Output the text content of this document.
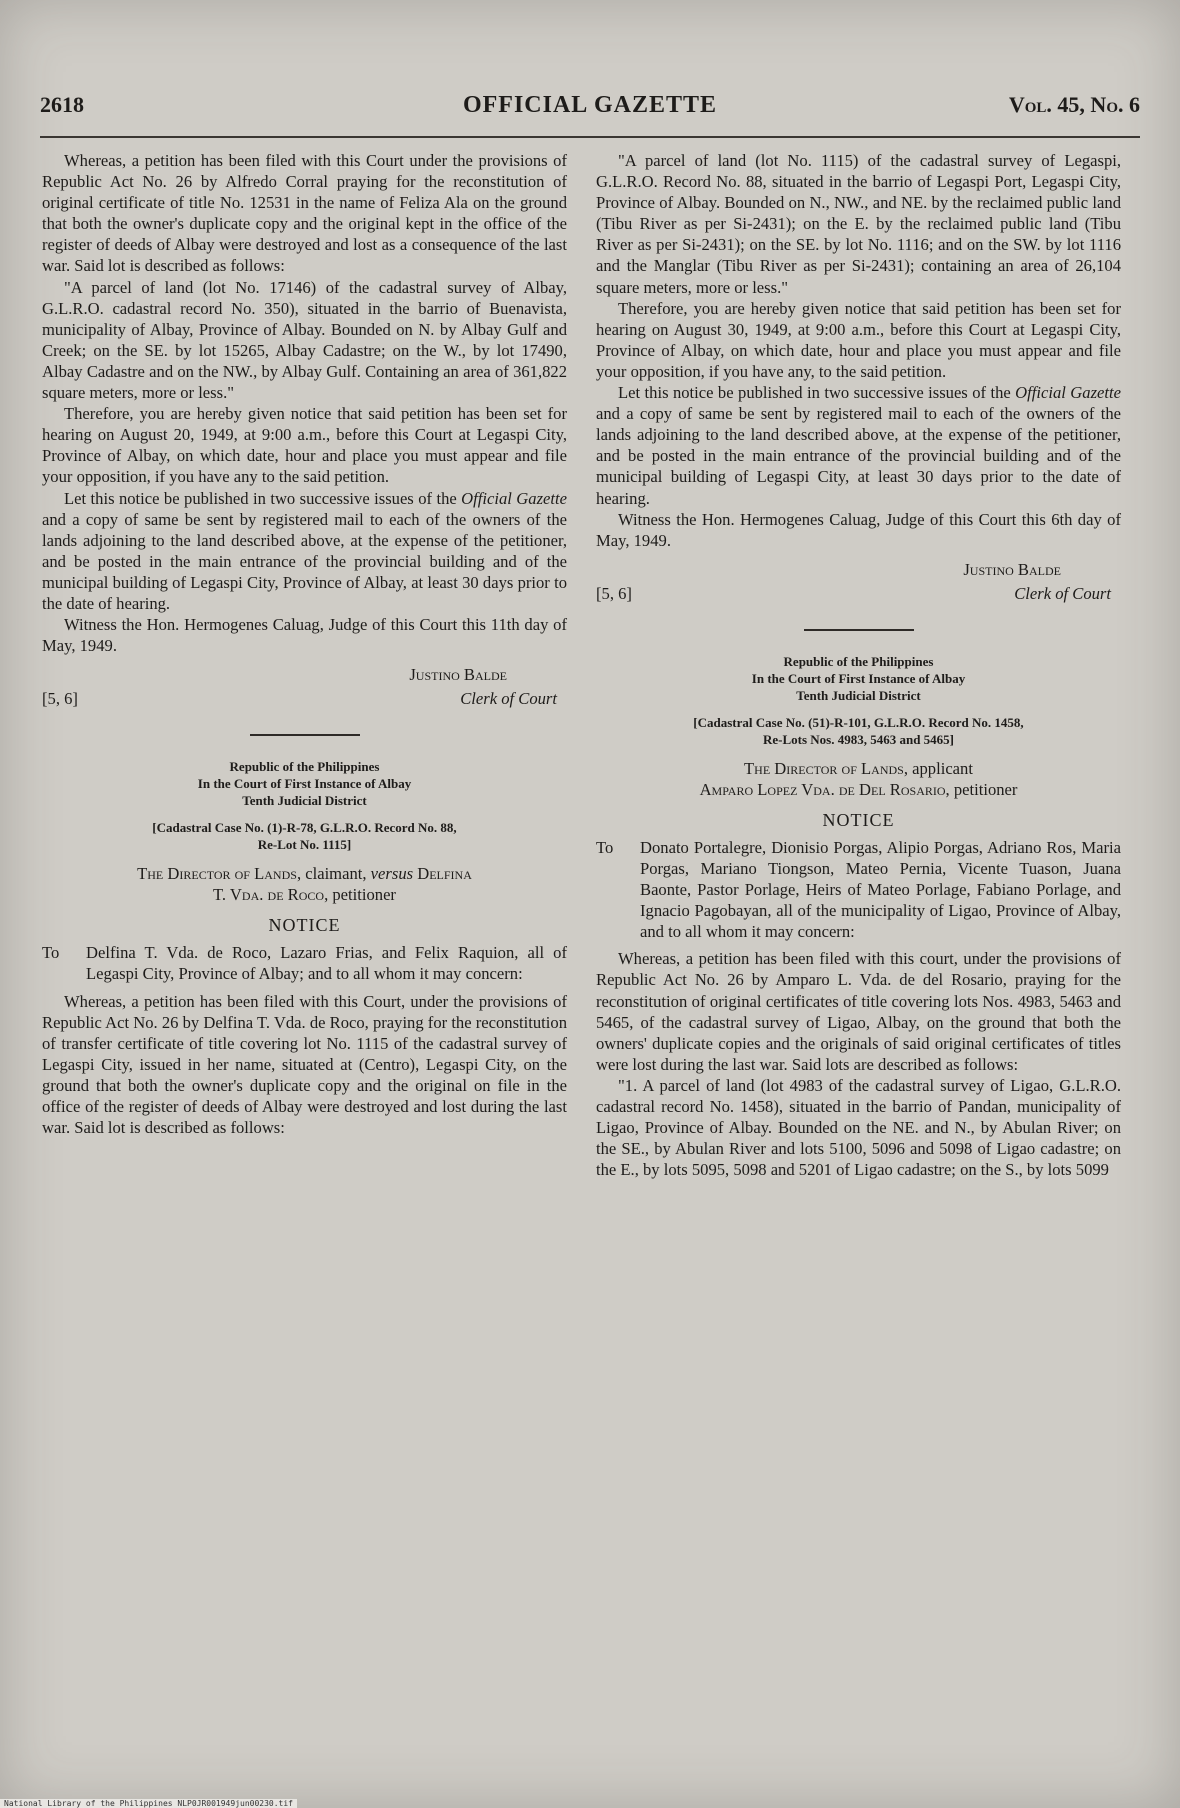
2618	OFFICIAL GAZETTE	Vol. 45, No. 6

Whereas, a petition has been filed with this Court under the provisions of Republic Act No. 26 by Alfredo Corral praying for the reconstitution of original certificate of title No. 12531 in the name of Feliza Ala on the ground that both the owner's duplicate copy and the original kept in the office of the register of deeds of Albay were destroyed and lost as a consequence of the last war. Said lot is described as follows:

"A parcel of land (lot No. 17146) of the cadastral survey of Albay, G.L.R.O. cadastral record No. 350), situated in the barrio of Buenavista, municipality of Albay, Province of Albay. Bounded on N. by Albay Gulf and Creek; on the SE. by lot 15265, Albay Cadastre; on the W., by lot 17490, Albay Cadastre and on the NW., by Albay Gulf. Containing an area of 361,822 square meters, more or less."

Therefore, you are hereby given notice that said petition has been set for hearing on August 20, 1949, at 9:00 a.m., before this Court at Legaspi City, Province of Albay, on which date, hour and place you must appear and file your opposition, if you have any to the said petition.

Let this notice be published in two successive issues of the Official Gazette and a copy of same be sent by registered mail to each of the owners of the lands adjoining to the land described above, at the expense of the petitioner, and be posted in the main entrance of the provincial building and of the municipal building of Legaspi City, Province of Albay, at least 30 days prior to the date of hearing.

Witness the Hon. Hermogenes Caluag, Judge of this Court this 11th day of May, 1949.

Justino Balde
[5, 6]	Clerk of Court
Republic of the Philippines
In the Court of First Instance of Albay
Tenth Judicial District
[Cadastral Case No. (1)-R-78, G.L.R.O. Record No. 88,
Re-Lot No. 1115]
The Director of Lands, claimant, versus Delfina
T. Vda. de Roco, petitioner
NOTICE
To	Delfina T. Vda. de Roco, Lazaro Frias, and Felix Raquion, all of Legaspi City, Province of Albay; and to all whom it may concern:

Whereas, a petition has been filed with this Court, under the provisions of Republic Act No. 26 by Delfina T. Vda. de Roco, praying for the reconstitution of transfer certificate of title covering lot No. 1115 of the cadastral survey of Legaspi City, issued in her name, situated at (Centro), Legaspi City, on the ground that both the owner's duplicate copy and the original on file in the office of the register of deeds of Albay were destroyed and lost during the last war. Said lot is described as follows:

"A parcel of land (lot No. 1115) of the cadastral survey of Legaspi, G.L.R.O. Record No. 88, situated in the barrio of Legaspi Port, Legaspi City, Province of Albay. Bounded on N., NW., and NE. by the reclaimed public land (Tibu River as per Si-2431); on the E. by the reclaimed public land (Tibu River as per Si-2431); on the SE. by lot No. 1116; and on the SW. by lot 1116 and the Manglar (Tibu River as per Si-2431); containing an area of 26,104 square meters, more or less."

Therefore, you are hereby given notice that said petition has been set for hearing on August 30, 1949, at 9:00 a.m., before this Court at Legaspi City, Province of Albay, on which date, hour and place you must appear and file your opposition, if you have any, to the said petition.

Let this notice be published in two successive issues of the Official Gazette and a copy of same be sent by registered mail to each of the owners of the lands adjoining to the land described above, at the expense of the petitioner, and be posted in the main entrance of the provincial building and of the municipal building of Legaspi City, at least 30 days prior to the date of hearing.

Witness the Hon. Hermogenes Caluag, Judge of this Court this 6th day of May, 1949.

Justino Balde
[5, 6]	Clerk of Court
Republic of the Philippines
In the Court of First Instance of Albay
Tenth Judicial District
[Cadastral Case No. (51)-R-101, G.L.R.O. Record No. 1458,
Re-Lots Nos. 4983, 5463 and 5465]
The Director of Lands, applicant
Amparo Lopez Vda. de Del Rosario, petitioner
NOTICE
To	Donato Portalegre, Dionisio Porgas, Alipio Porgas, Adriano Ros, Maria Porgas, Mariano Tiongson, Mateo Pernia, Vicente Tuason, Juana Baonte, Pastor Porlage, Heirs of Mateo Porlage, Fabiano Porlage, and Ignacio Pagobayan, all of the municipality of Ligao, Province of Albay, and to all whom it may concern:

Whereas, a petition has been filed with this court, under the provisions of Republic Act No. 26 by Amparo L. Vda. de del Rosario, praying for the reconstitution of original certificates of title covering lots Nos. 4983, 5463 and 5465, of the cadastral survey of Ligao, Albay, on the ground that both the owners' duplicate copies and the originals of said original certificates of titles were lost during the last war. Said lots are described as follows:

"1. A parcel of land (lot 4983 of the cadastral survey of Ligao, G.L.R.O. cadastral record No. 1458), situated in the barrio of Pandan, municipality of Ligao, Province of Albay. Bounded on the NE. and N., by Abulan River; on the SE., by Abulan River and lots 5100, 5096 and 5098 of Ligao cadastre; on the E., by lots 5095, 5098 and 5201 of Ligao cadastre; on the S., by lots 5099

National Library of the Philippines NLP0JR001949jun00230.tif
